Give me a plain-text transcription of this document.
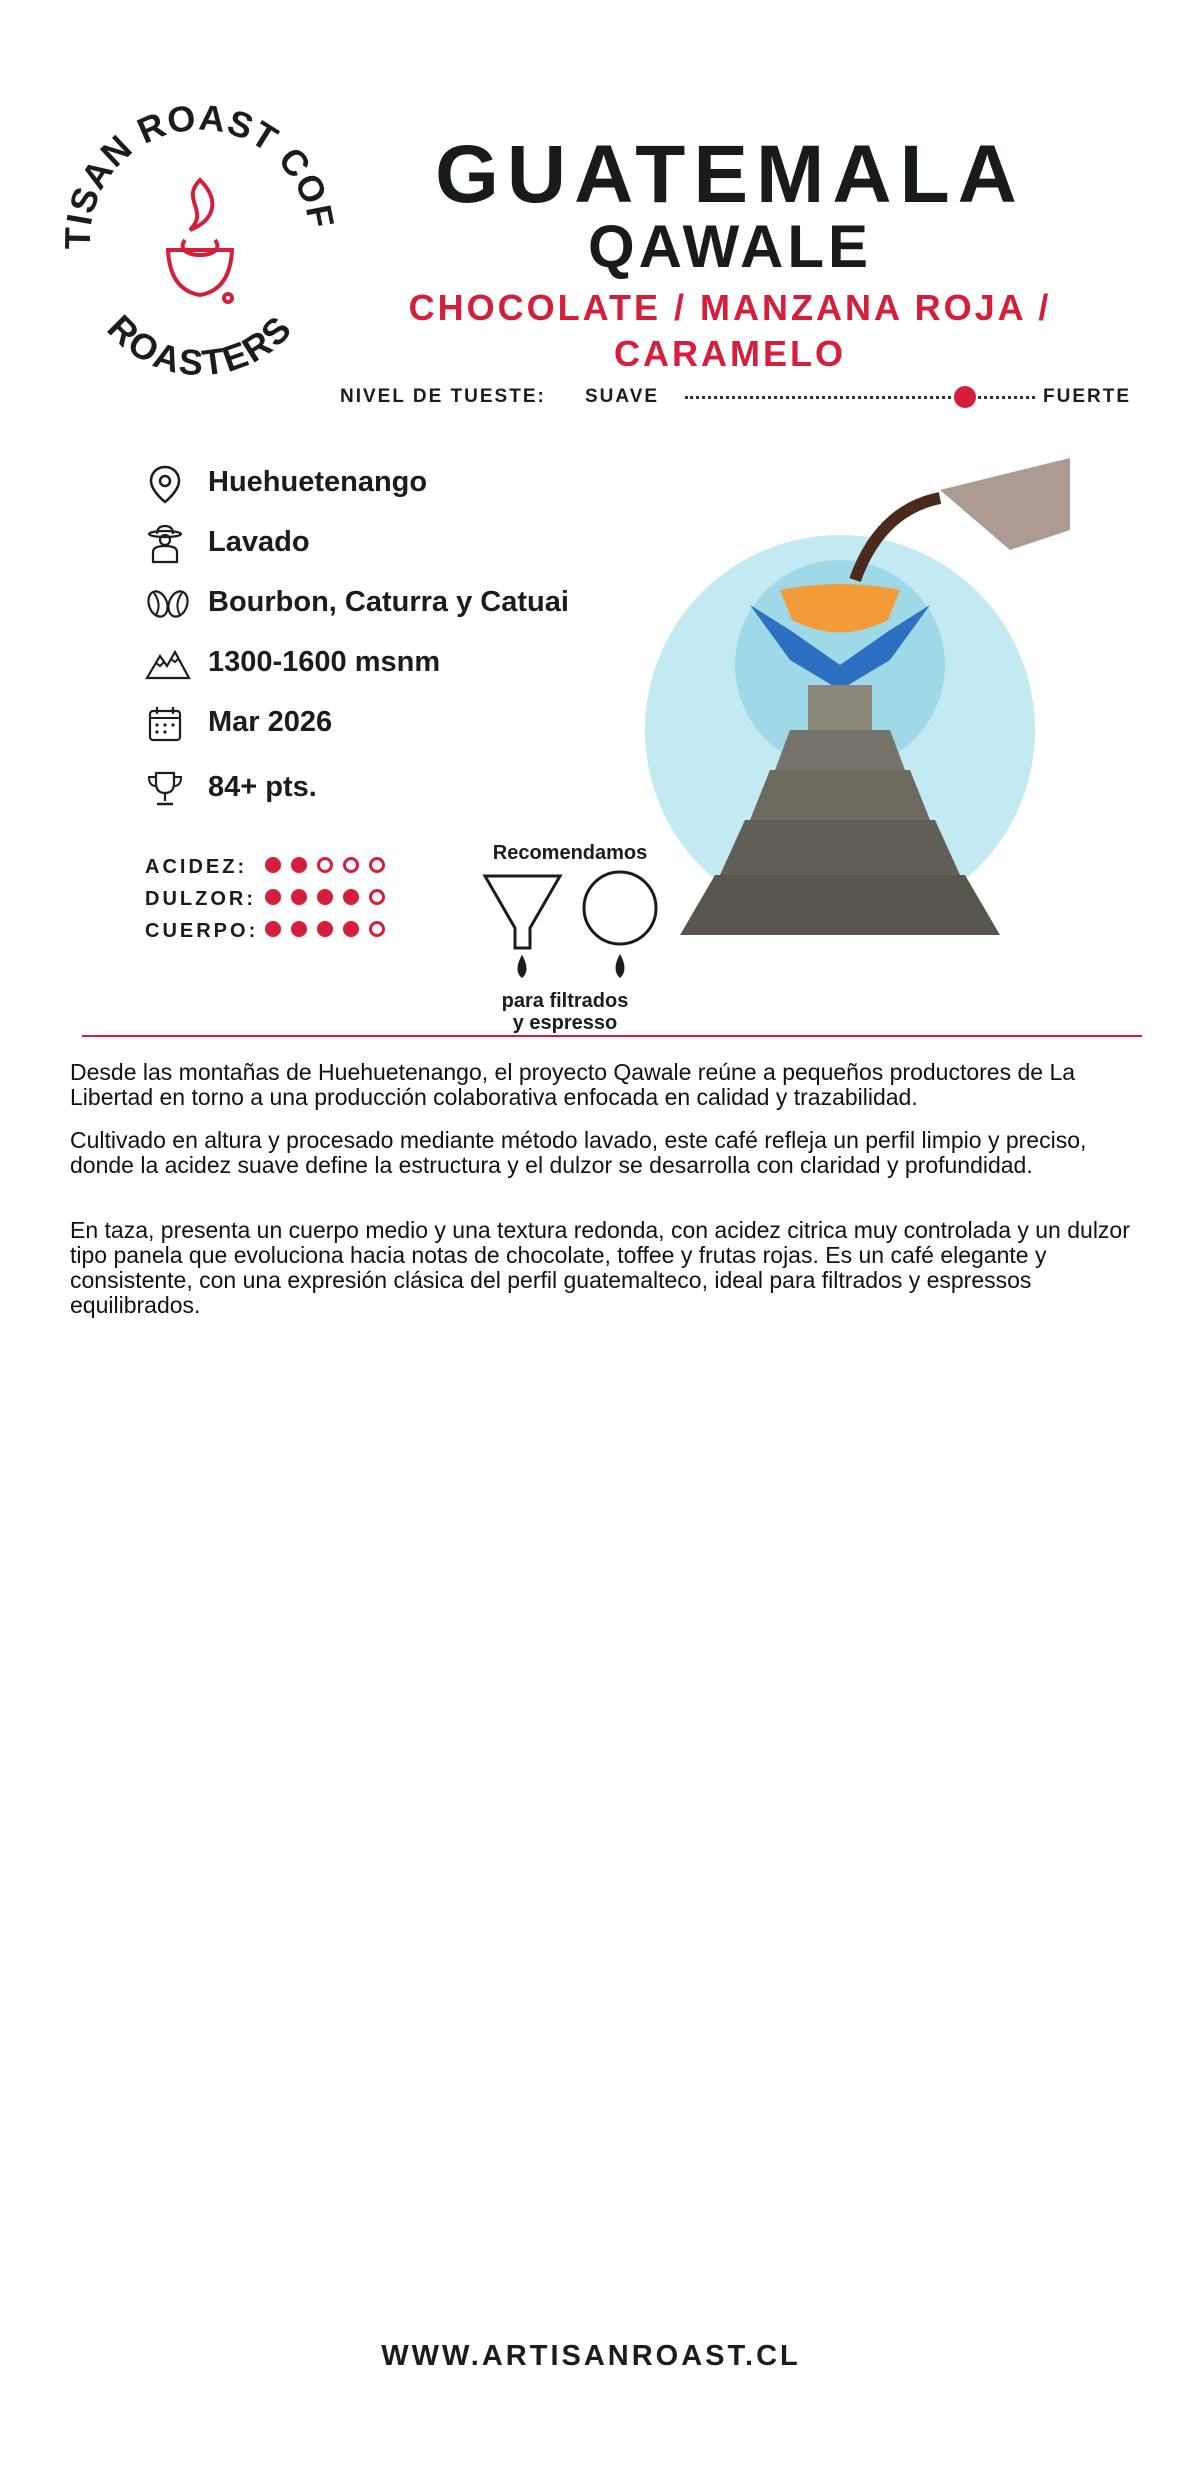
TISAN ROAST COF
ROASTERS
GUATEMALA
QAWALE
CHOCOLATE / MANZANA ROJA /
CARAMELO
NIVEL DE TUESTE: SUAVE	FUERTE
Huehuetenango
Lavado
Bourbon, Caturra y Catuai
1300-1600 msnm
Mar 2026
84+ pts.
ACIDEZ:
DULZOR:
CUERPO:
Recomendamos
para filtrados
y espresso
Desde las montañas de Huehuetenango, el proyecto Qawale reúne a pequeños productores de La Libertad en torno a una producción colaborativa enfocada en calidad y trazabilidad.
Cultivado en altura y procesado mediante método lavado, este café refleja un perfil limpio y preciso, donde la acidez suave define la estructura y el dulzor se desarrolla con claridad y profundidad.
En taza, presenta un cuerpo medio y una textura redonda, con acidez citrica muy controlada y un dulzor tipo panela que evoluciona hacia notas de chocolate, toffee y frutas rojas. Es un café elegante y consistente, con una expresión clásica del perfil guatemalteco, ideal para filtrados y espressos equilibrados.
ARTISAN ROAST CAFÉ CIRCULAR
WWW.ARTISANROAST.CL
